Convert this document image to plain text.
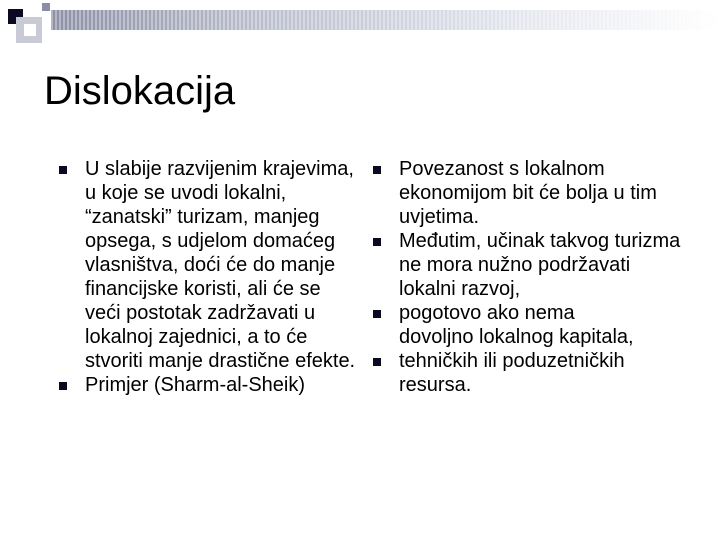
Dislokacija
U slabije razvijenim krajevima, u koje se uvodi lokalni, “zanatski” turizam, manjeg opsega, s udjelom domaćeg vlasništva, doći će do manje financijske koristi, ali će se veći postotak zadržavati u lokalnoj zajednici, a to će stvoriti manje drastične efekte.
Primjer (Sharm-al-Sheik)
Povezanost s lokalnom ekonomijom bit će bolja u tim uvjetima.
Međutim, učinak takvog turizma ne mora nužno podržavati lokalni razvoj,
pogotovo ako nema dovoljno lokalnog kapitala,
tehničkih ili poduzetničkih resursa.
